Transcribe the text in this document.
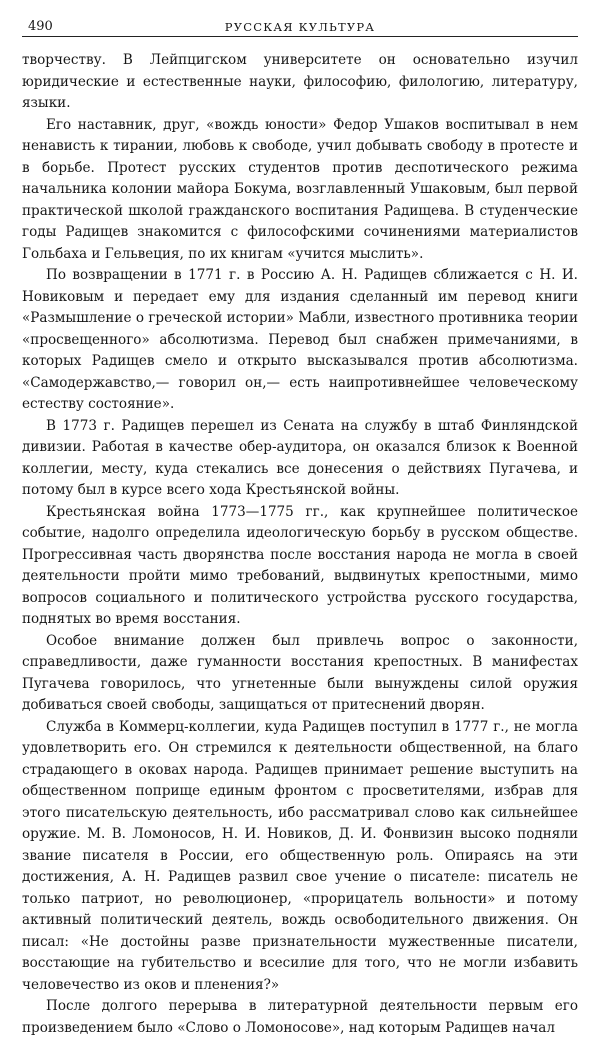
490	РУССКАЯ КУЛЬТУРА

творчеству. В Лейпцигском университете он основательно изучил юридические и естественные науки, философию, филологию, литературу, языки.

Его наставник, друг, «вождь юности» Федор Ушаков воспитывал в нем ненависть к тирании, любовь к свободе, учил добывать свободу в протесте и в борьбе. Протест русских студентов против деспотического режима начальника колонии майора Бокума, возглавленный Ушаковым, был первой практической школой гражданского воспитания Радищева. В студенческие годы Радищев знакомится с философскими сочинениями материалистов Гольбаха и Гельвеция, по их книгам «учится мыслить».

По возвращении в 1771 г. в Россию А. Н. Радищев сближается с Н. И. Новиковым и передает ему для издания сделанный им перевод книги «Размышление о греческой истории» Мабли, известного противника теории «просвещенного» абсолютизма. Перевод был снабжен примечаниями, в которых Радищев смело и открыто высказывался против абсолютизма. «Самодержавство,— говорил он,— есть наипротивнейшее человеческому естеству состояние».

В 1773 г. Радищев перешел из Сената на службу в штаб Финляндской дивизии. Работая в качестве обер-аудитора, он оказался близок к Военной коллегии, месту, куда стекались все донесения о действиях Пугачева, и потому был в курсе всего хода Крестьянской войны.

Крестьянская война 1773—1775 гг., как крупнейшее политическое событие, надолго определила идеологическую борьбу в русском обществе. Прогрессивная часть дворянства после восстания народа не могла в своей деятельности пройти мимо требований, выдвинутых крепостными, мимо вопросов социального и политического устройства русского государства, поднятых во время восстания.

Особое внимание должен был привлечь вопрос о законности, справедливости, даже гуманности восстания крепостных. В манифестах Пугачева говорилось, что угнетенные были вынуждены силой оружия добиваться своей свободы, защищаться от притеснений дворян.

Служба в Коммерц-коллегии, куда Радищев поступил в 1777 г., не могла удовлетворить его. Он стремился к деятельности общественной, на благо страдающего в оковах народа. Радищев принимает решение выступить на общественном поприще единым фронтом с просветителями, избрав для этого писательскую деятельность, ибо рассматривал слово как сильнейшее оружие. М. В. Ломоносов, Н. И. Новиков, Д. И. Фонвизин высоко подняли звание писателя в России, его общественную роль. Опираясь на эти достижения, А. Н. Радищев развил свое учение о писателе: писатель не только патриот, но революционер, «прорицатель вольности» и потому активный политический деятель, вождь освободительного движения. Он писал: «Не достойны разве признательности мужественные писатели, восстающие на губительство и всесилие для того, что не могли избавить человечество из оков и пленения?»

После долгого перерыва в литературной деятельности первым его произведением было «Слово о Ломоносове», над которым Радищев начал
